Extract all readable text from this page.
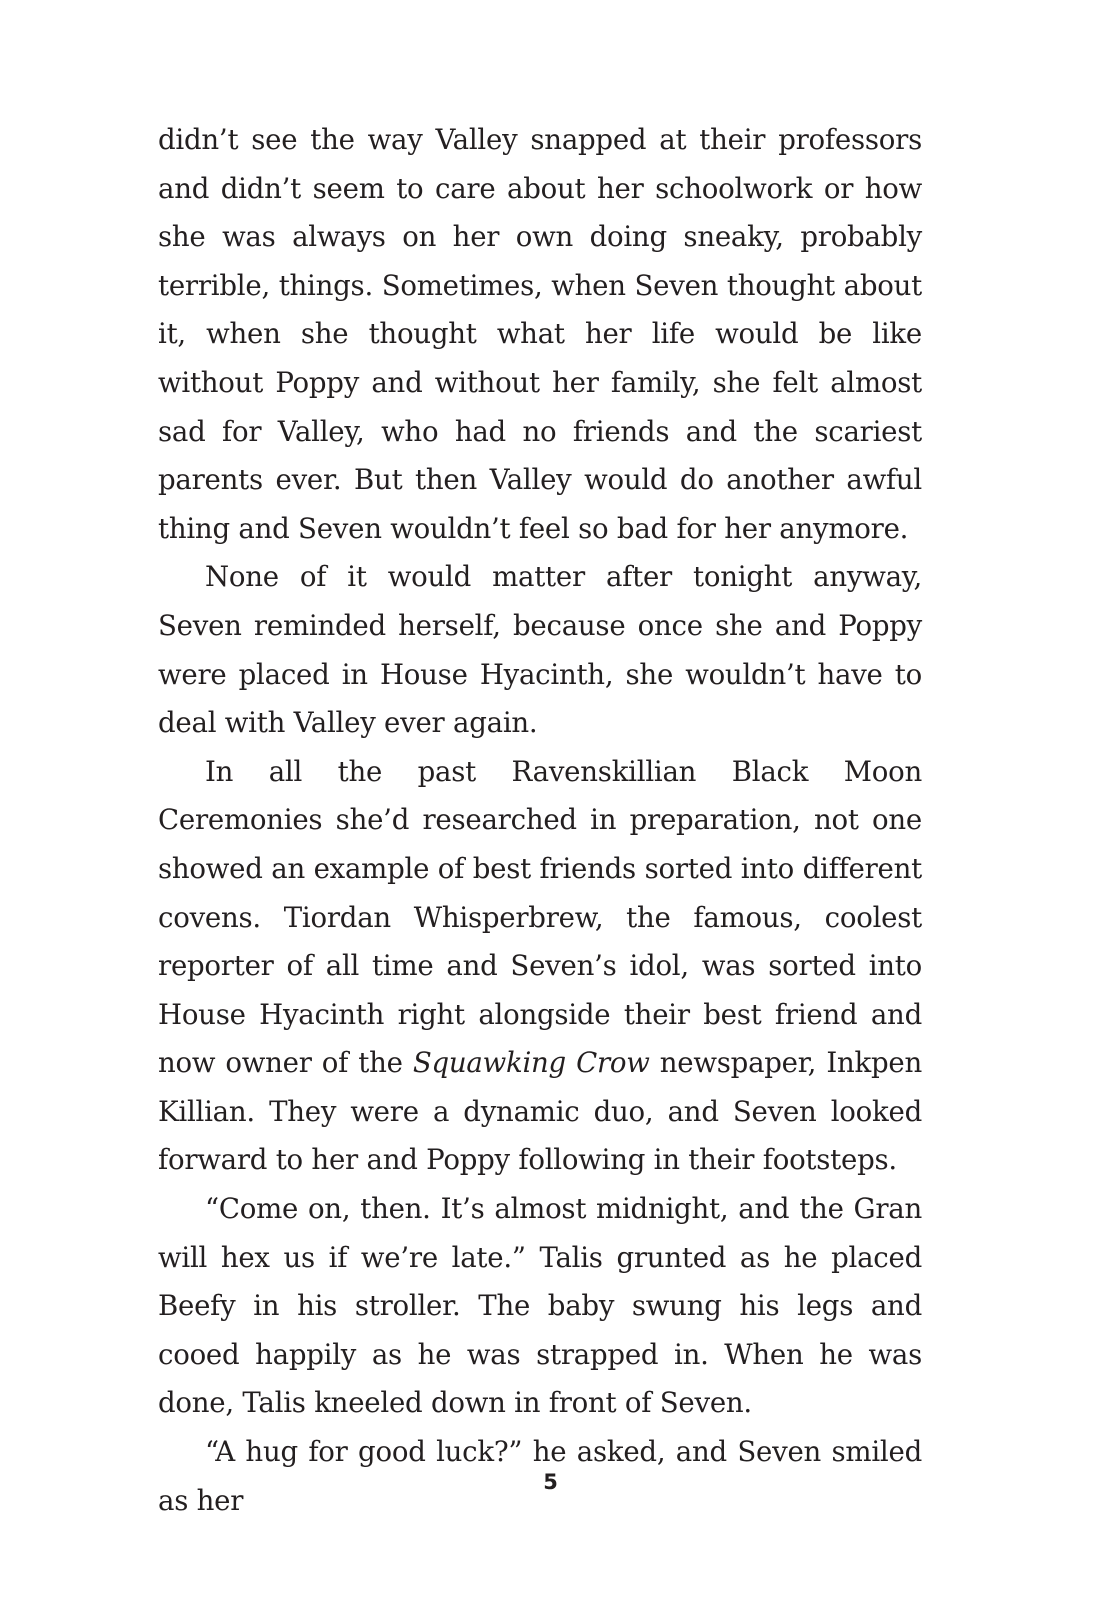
didn’t see the way Valley snapped at their professors and didn’t seem to care about her schoolwork or how she was always on her own doing sneaky, probably terrible, things. Sometimes, when Seven thought about it, when she thought what her life would be like without Poppy and without her family, she felt almost sad for Valley, who had no friends and the scariest parents ever. But then Valley would do another awful thing and Seven wouldn’t feel so bad for her anymore.

None of it would matter after tonight anyway, Seven reminded herself, because once she and Poppy were placed in House Hyacinth, she wouldn’t have to deal with Valley ever again.

In all the past Ravenskillian Black Moon Ceremonies she’d researched in preparation, not one showed an example of best friends sorted into different covens. Tiordan Whisperbrew, the famous, coolest reporter of all time and Seven’s idol, was sorted into House Hyacinth right alongside their best friend and now owner of the Squawking Crow newspaper, Inkpen Killian. They were a dynamic duo, and Seven looked forward to her and Poppy following in their footsteps.

“Come on, then. It’s almost midnight, and the Gran will hex us if we’re late.” Talis grunted as he placed Beefy in his stroller. The baby swung his legs and cooed happily as he was strapped in. When he was done, Talis kneeled down in front of Seven.

“A hug for good luck?” he asked, and Seven smiled as her

5
